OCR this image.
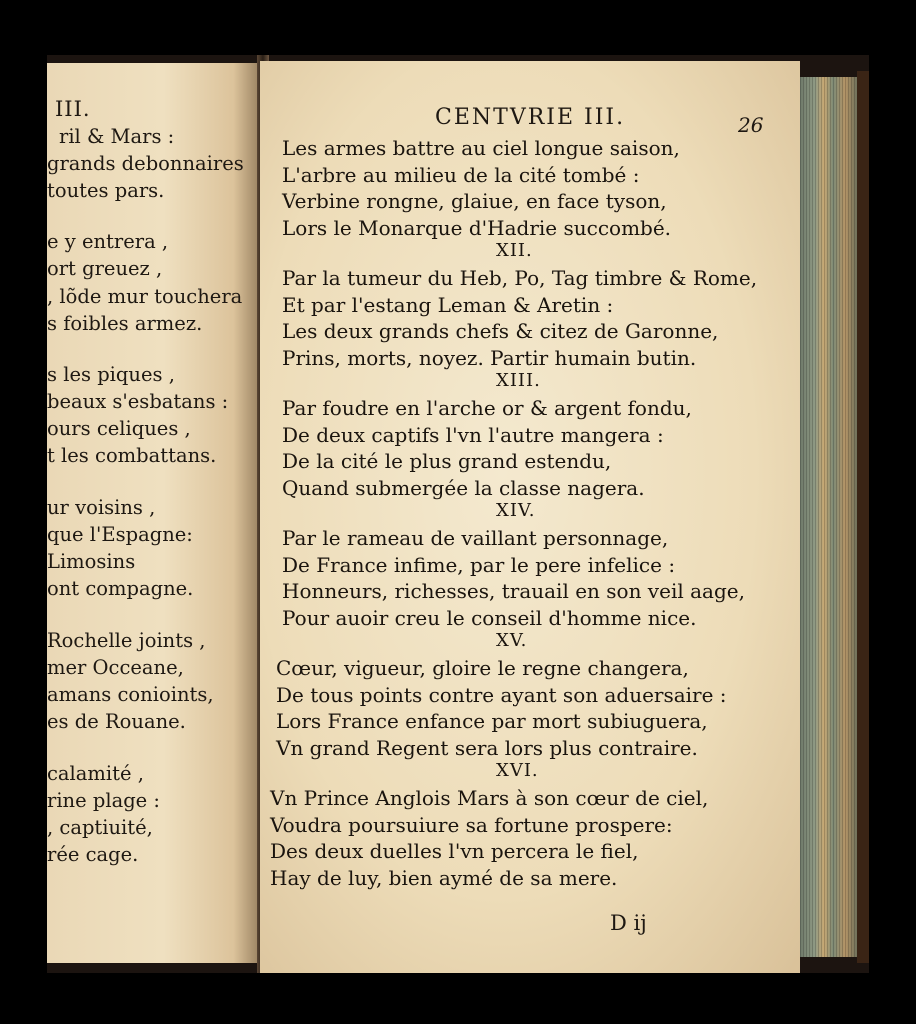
III.
ril & Mars :
grands debonnaires
toutes pars.
e y entrera ,
ort greuez ,
, lõde mur touchera
s foibles armez.
s les piques ,
beaux s'esbatans :
ours celiques ,
t les combattans.
ur voisins ,
que l'Espagne:
Limosins
ont compagne.
Rochelle joints ,
mer Occeane,
amans conioints,
es de Rouane.
calamité ,
rine plage :
, captiuité,
rée cage.
CENTVRIE III.	26
Les armes battre au ciel longue saison,
L'arbre au milieu de la cité tombé :
Verbine rongne, glaiue, en face tyson,
Lors le Monarque d'Hadrie succombé.
XII.
Par la tumeur du Heb, Po, Tag timbre & Rome,
Et par l'estang Leman & Aretin :
Les deux grands chefs & citez de Garonne,
Prins, morts, noyez. Partir humain butin.
XIII.
Par foudre en l'arche or & argent fondu,
De deux captifs l'vn l'autre mangera :
De la cité le plus grand estendu,
Quand submergée la classe nagera.
XIV.
Par le rameau de vaillant personnage,
De France infime, par le pere infelice :
Honneurs, richesses, trauail en son veil aage,
Pour auoir creu le conseil d'homme nice.
XV.
Cœur, vigueur, gloire le regne changera,
De tous points contre ayant son aduersaire :
Lors France enfance par mort subiuguera,
Vn grand Regent sera lors plus contraire.
XVI.
Vn Prince Anglois Mars à son cœur de ciel,
Voudra poursuiure sa fortune prospere:
Des deux duelles l'vn percera le fiel,
Hay de luy, bien aymé de sa mere.
D ij
